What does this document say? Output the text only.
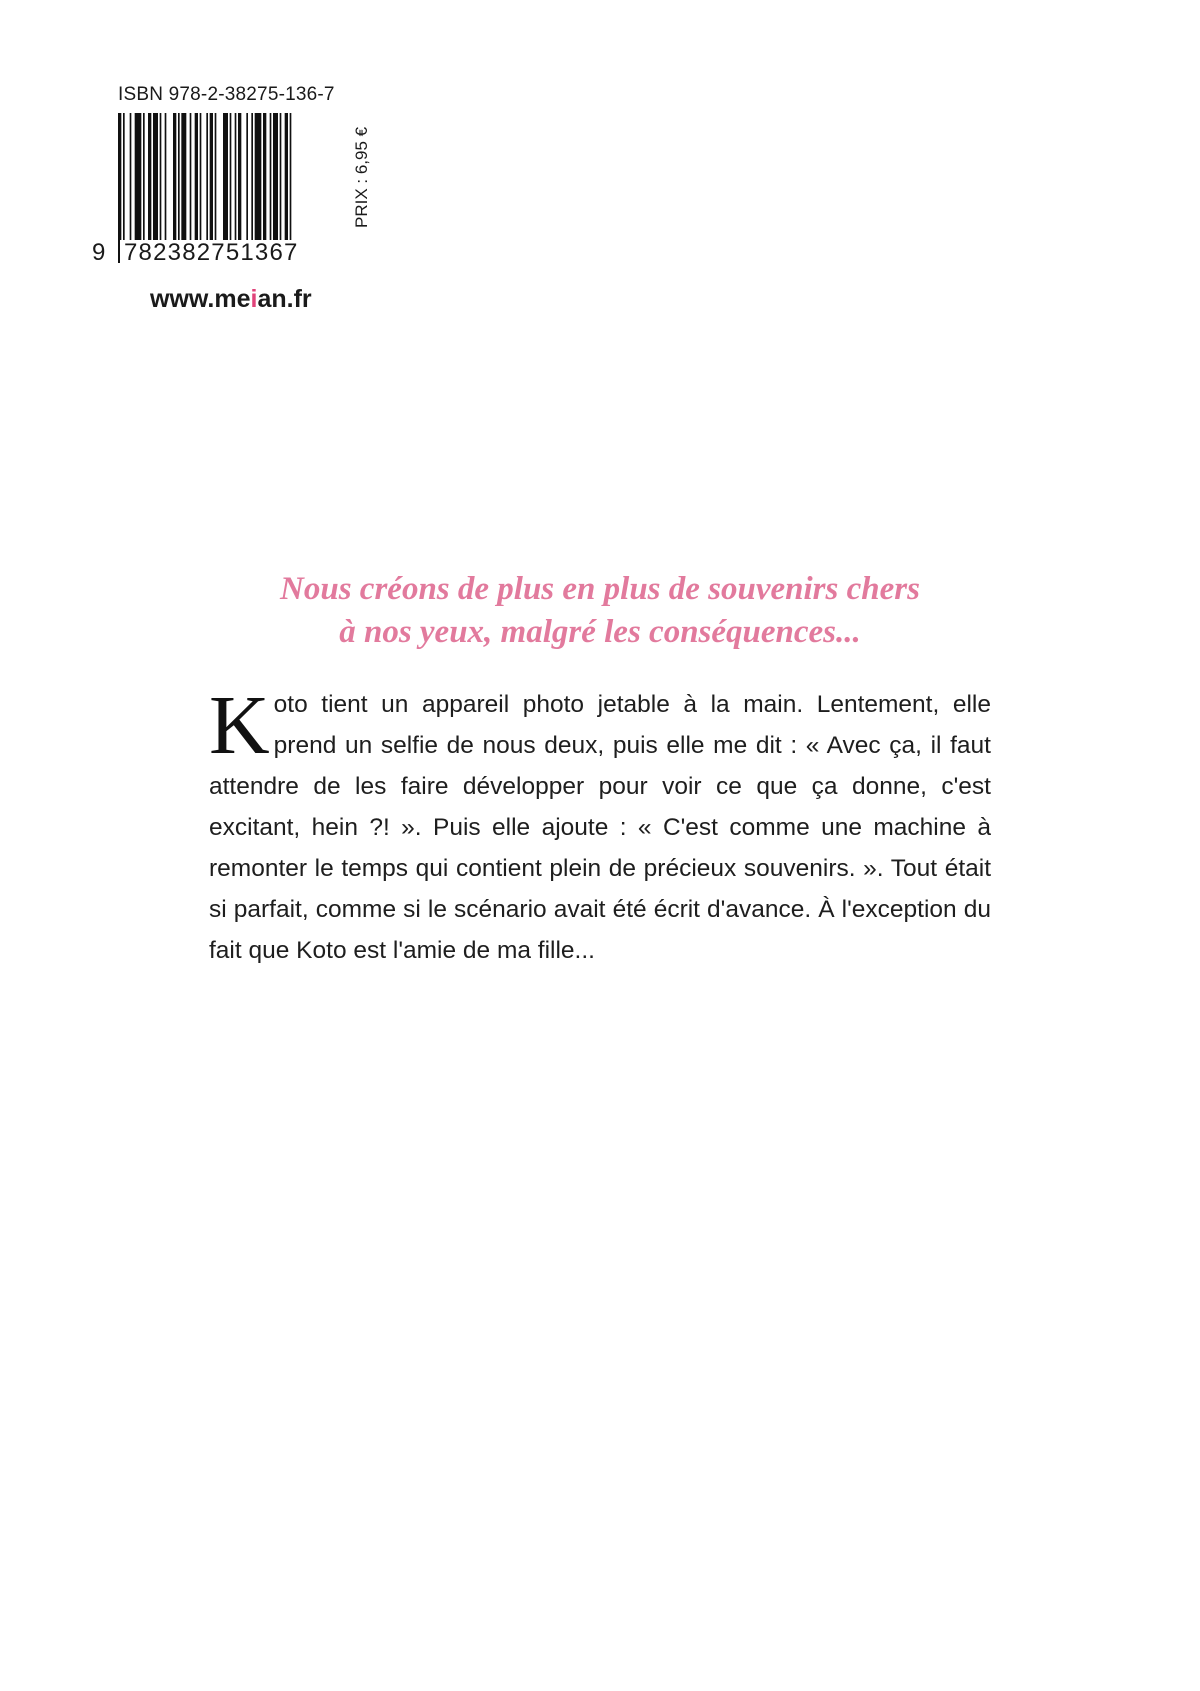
ISBN 978-2-38275-136-7
9 782382751367
PRIX : 6,95 €
www.meian.fr
Nous créons de plus en plus de souvenirs chers
à nos yeux, malgré les conséquences...

Koto tient un appareil photo jetable à la main. Lentement, elle prend un selfie de nous deux, puis elle me dit : « Avec ça, il faut attendre de les faire développer pour voir ce que ça donne, c'est excitant, hein ?! ». Puis elle ajoute : « C'est comme une machine à remonter le temps qui contient plein de précieux souvenirs. ». Tout était si parfait, comme si le scénario avait été écrit d'avance. À l'exception du fait que Koto est l'amie de ma fille...
